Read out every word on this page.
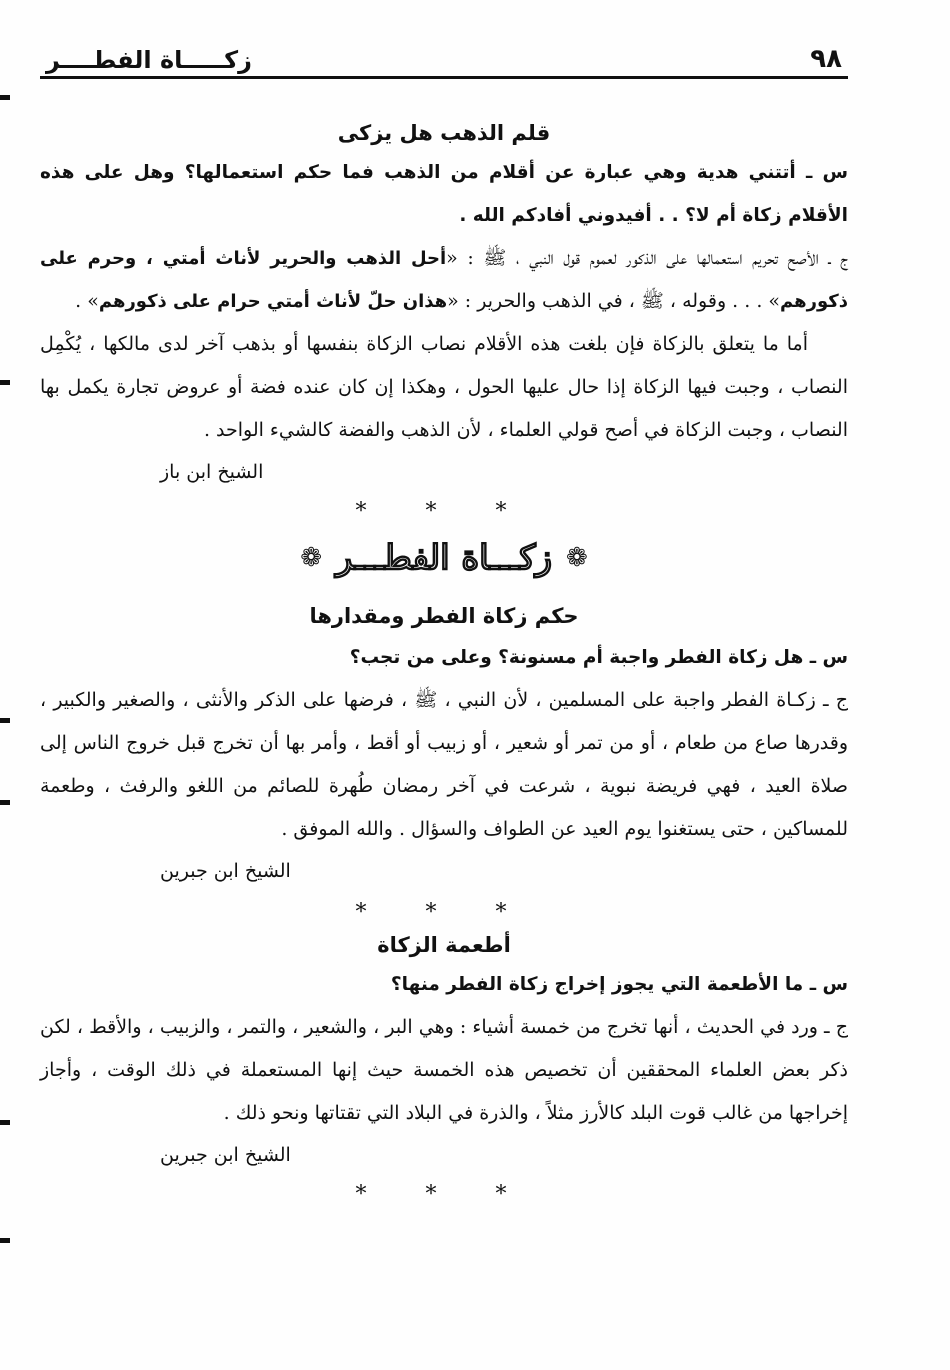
٩٨
زكـــــاة الفطــــر

قلم الذهب هل يزكى

س ـ أتتني هدية وهي عبارة عن أقلام من الذهب فما حكم استعمالها؟ وهل على هذه الأقلام زكاة أم لا؟ . . أفيدوني أفادكم الله .

ج ـ الأصح تحريم استعمالها على الذكور لعموم قول النبي ، ﷺ : «أحل الذهب والحرير لأناث أمتي ، وحرم على ذكورهم» . . . وقوله ، ﷺ ، في الذهب والحرير : «هذان حلّ لأناث أمتي حرام على ذكورهم» .

أما ما يتعلق بالزكاة فإن بلغت هذه الأقلام نصاب الزكاة بنفسها أو بذهب آخر لدى مالكها ، يُكْمِل النصاب ، وجبت فيها الزكاة إذا حال عليها الحول ، وهكذا إن كان عنده فضة أو عروض تجارة يكمل بها النصاب ، وجبت الزكاة في أصح قولي العلماء ، لأن الذهب والفضة كالشيء الواحد .

الشيخ ابن باز

* * *

❁
زكـــاة الفطـــر
❁

حكم زكاة الفطر ومقدارها

س ـ هل زكاة الفطر واجبة أم مسنونة؟ وعلى من تجب؟

ج ـ زكـاة الفطر واجبة على المسلمين ، لأن النبي ، ﷺ ، فرضها على الذكر والأنثى ، والصغير والكبير ، وقدرها صاع من طعام ، أو من تمر أو شعير ، أو زبيب أو أقط ، وأمر بها أن تخرج قبل خروج الناس إلى صلاة العيد ، فهي فريضة نبوية ، شرعت في آخر رمضان طُهرة للصائم من اللغو والرفث ، وطعمة للمساكين ، حتى يستغنوا يوم العيد عن الطواف والسؤال . والله الموفق .

الشيخ ابن جبرين

* * *

أطعمة الزكاة

س ـ ما الأطعمة التي يجوز إخراج زكاة الفطر منها؟

ج ـ ورد في الحديث ، أنها تخرج من خمسة أشياء : وهي البر ، والشعير ، والتمر ، والزبيب ، والأقط ، لكن ذكر بعض العلماء المحققين أن تخصيص هذه الخمسة حيث إنها المستعملة في ذلك الوقت ، وأجاز إخراجها من غالب قوت البلد كالأرز مثلاً ، والذرة في البلاد التي تقتاتها ونحو ذلك .

الشيخ ابن جبرين

* * *
